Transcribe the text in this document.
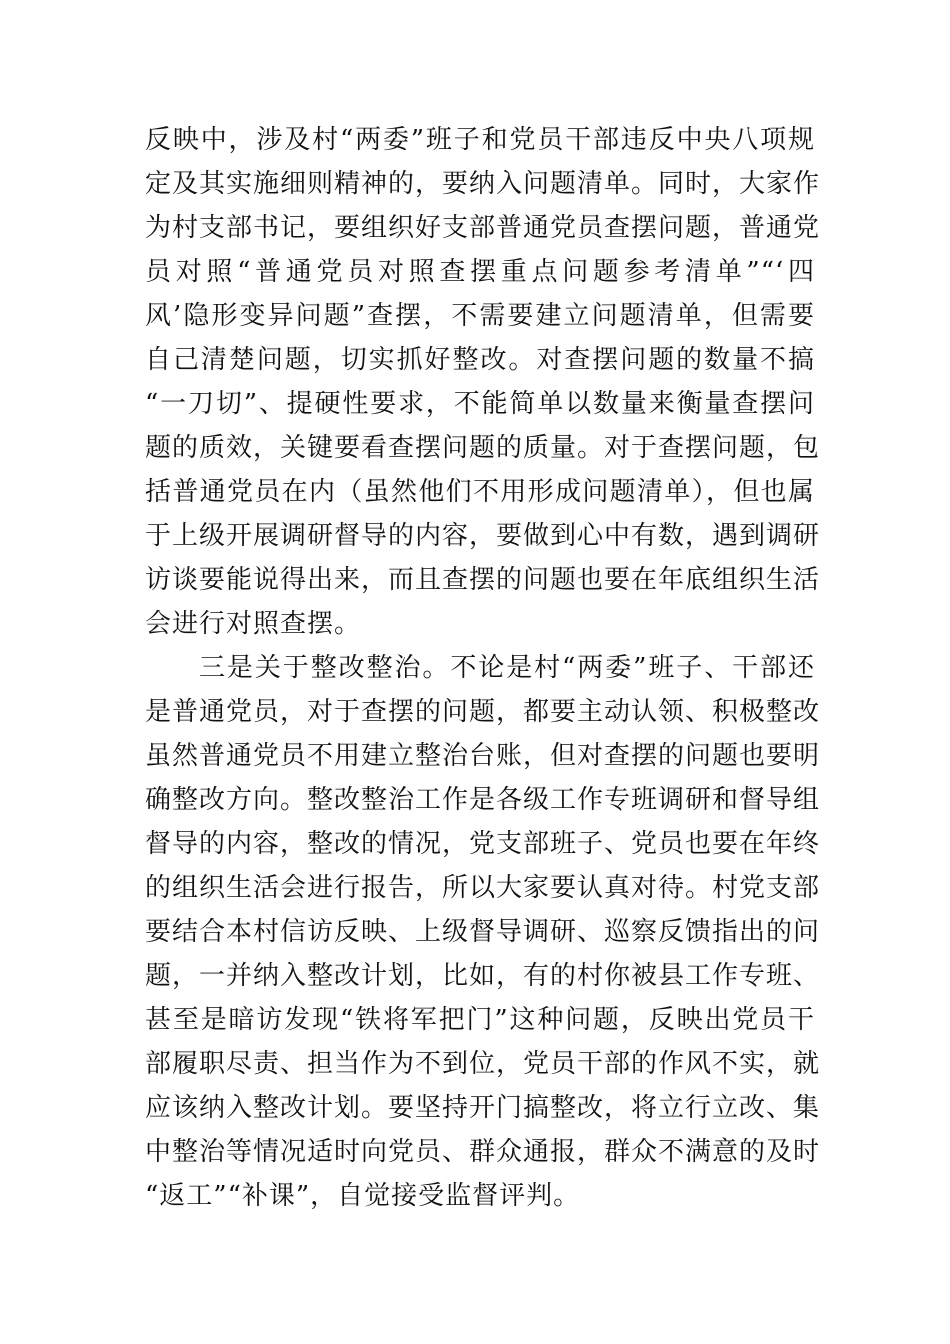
反映中，涉及村“两委”班子和党员干部违反中央八项规
定及其实施细则精神的，要纳入问题清单。同时，大家作
为村支部书记，要组织好支部普通党员查摆问题，普通党
员对照“普通党员对照查摆重点问题参考清单”“‘四
风’隐形变异问题”查摆，不需要建立问题清单，但需要
自己清楚问题，切实抓好整改。对查摆问题的数量不搞
“一刀切”、提硬性要求，不能简单以数量来衡量查摆问
题的质效，关键要看查摆问题的质量。对于查摆问题，包
括普通党员在内（虽然他们不用形成问题清单），但也属
于上级开展调研督导的内容，要做到心中有数，遇到调研
访谈要能说得出来，而且查摆的问题也要在年底组织生活
会进行对照查摆。
三是关于整改整治。不论是村“两委”班子、干部还
是普通党员，对于查摆的问题，都要主动认领、积极整改
虽然普通党员不用建立整治台账，但对查摆的问题也要明
确整改方向。整改整治工作是各级工作专班调研和督导组
督导的内容，整改的情况，党支部班子、党员也要在年终
的组织生活会进行报告，所以大家要认真对待。村党支部
要结合本村信访反映、上级督导调研、巡察反馈指出的问
题，一并纳入整改计划，比如，有的村你被县工作专班、
甚至是暗访发现“铁将军把门”这种问题，反映出党员干
部履职尽责、担当作为不到位，党员干部的作风不实，就
应该纳入整改计划。要坚持开门搞整改，将立行立改、集
中整治等情况适时向党员、群众通报，群众不满意的及时
“返工”“补课”，自觉接受监督评判。
